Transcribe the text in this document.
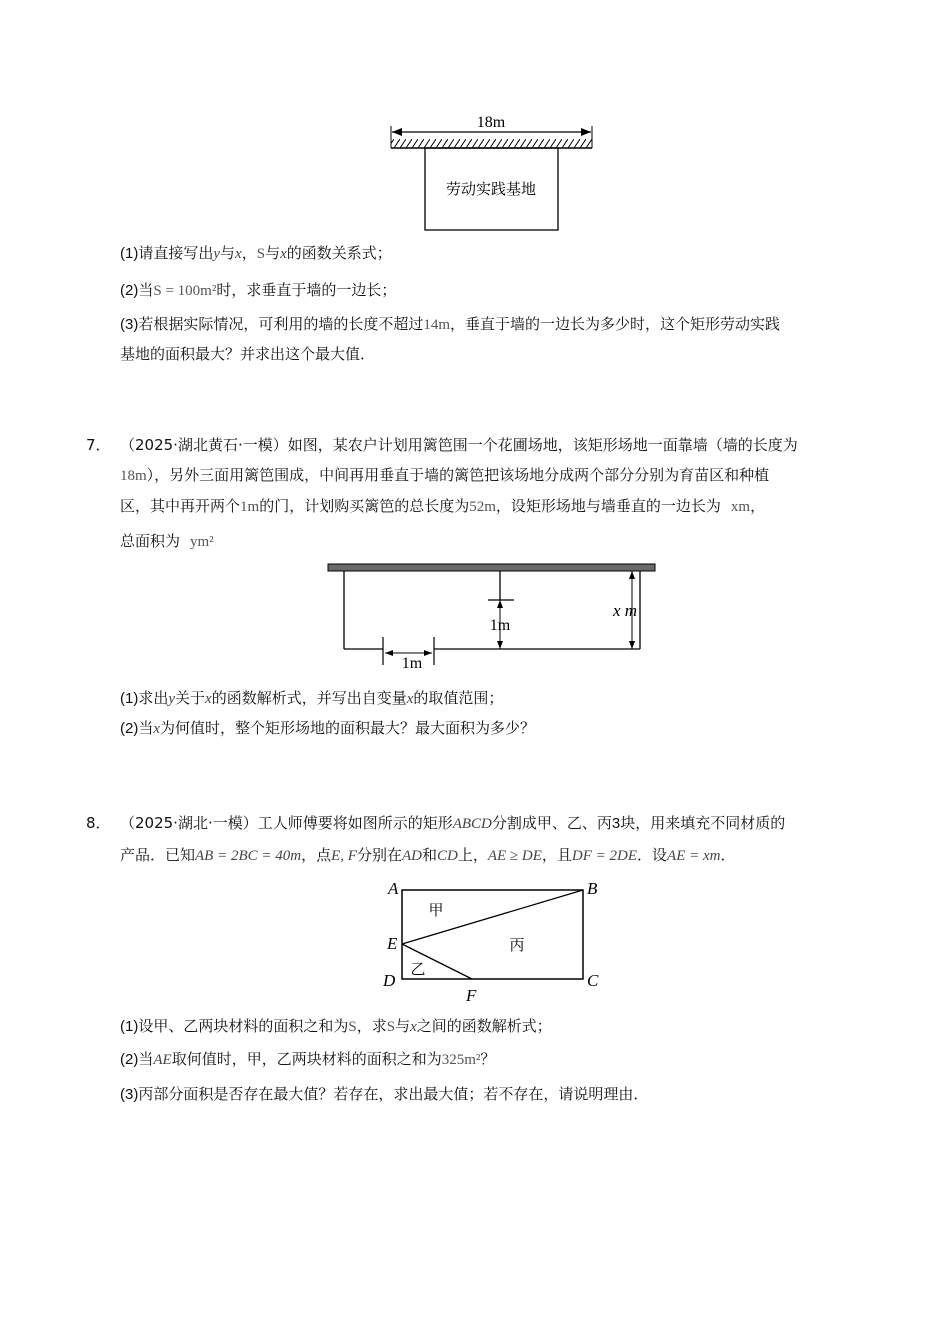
18m
劳动实践基地
(1)请直接写出y与x，S与x的函数关系式；
(2)当S = 100m²时，求垂直于墙的一边长；
(3)若根据实际情况，可利用的墙的长度不超过14m，垂直于墙的一边长为多少时，这个矩形劳动实践
基地的面积最大？并求出这个最大值．
7． （2025·湖北黄石·一模）如图，某农户计划用篱笆围一个花圃场地，该矩形场地一面靠墙（墙的长度为
18m），另外三面用篱笆围成，中间再用垂直于墙的篱笆把该场地分成两个部分分别为育苗区和种植
区，其中再开两个1m的门，计划购买篱笆的总长度为52m，设矩形场地与墙垂直的一边长为 xm，
总面积为 ym²
1m
1m
x m
(1)求出y关于x的函数解析式，并写出自变量x的取值范围；
(2)当x为何值时，整个矩形场地的面积最大？最大面积为多少？
8． （2025·湖北·一模）工人师傅要将如图所示的矩形ABCD分割成甲、乙、丙3块，用来填充不同材质的
产品．已知AB = 2BC = 40m，点E, F分别在AD和CD上，AE ≥ DE，且DF = 2DE．设AE = xm．
A	B
C
D
E
F
甲
乙
丙
(1)设甲、乙两块材料的面积之和为S，求S与x之间的函数解析式；
(2)当AE取何值时，甲，乙两块材料的面积之和为325m²？
(3)丙部分面积是否存在最大值？若存在，求出最大值；若不存在，请说明理由．
